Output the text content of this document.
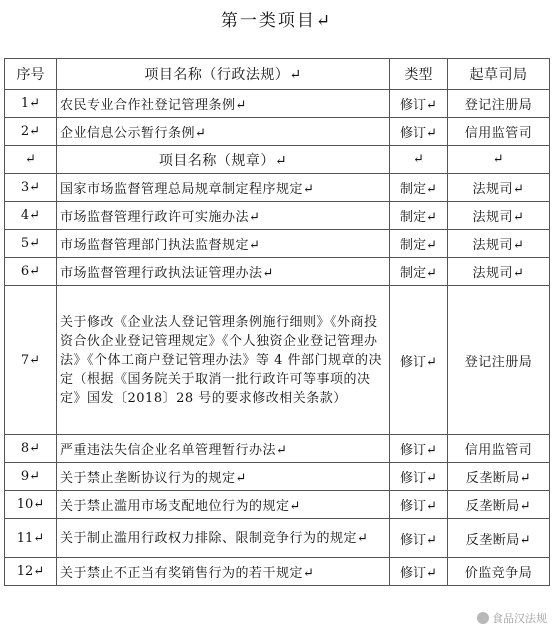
第一类项目↵
序号	项目名称（行政法规）↵	类型	起草司局
1↵	农民专业合作社登记管理条例↵	修订↵	登记注册局
2↵	企业信息公示暂行条例↵	修订↵	信用监管司
↵	项目名称（规章）↵	↵	↵
3↵	国家市场监督管理总局规章制定程序规定↵	制定↵	法规司↵
4↵	市场监督管理行政许可实施办法↵	制定↵	法规司↵
5↵	市场监督管理部门执法监督规定↵	制定↵	法规司↵
6↵	市场监督管理行政执法证管理办法↵	制定↵	法规司↵
7↵	关于修改《企业法人登记管理条例施行细则》《外商投资合伙企业登记管理规定》《个人独资企业登记管理办法》《个体工商户登记管理办法》等 4 件部门规章的决定（根据《国务院关于取消一批行政许可等事项的决定》国发〔2018〕28 号的要求修改相关条款）	修订↵	登记注册局
8↵	严重违法失信企业名单管理暂行办法↵	修订↵	信用监管司
9↵	关于禁止垄断协议行为的规定↵	修订↵	反垄断局↵
10↵	关于禁止滥用市场支配地位行为的规定↵	修订↵	反垄断局↵
11↵	关于制止滥用行政权力排除、限制竞争行为的规定↵	修订↵	反垄断局↵
12↵	关于禁止不正当有奖销售行为的若干规定↵	修订↵	价监竞争局
食品汉法规
